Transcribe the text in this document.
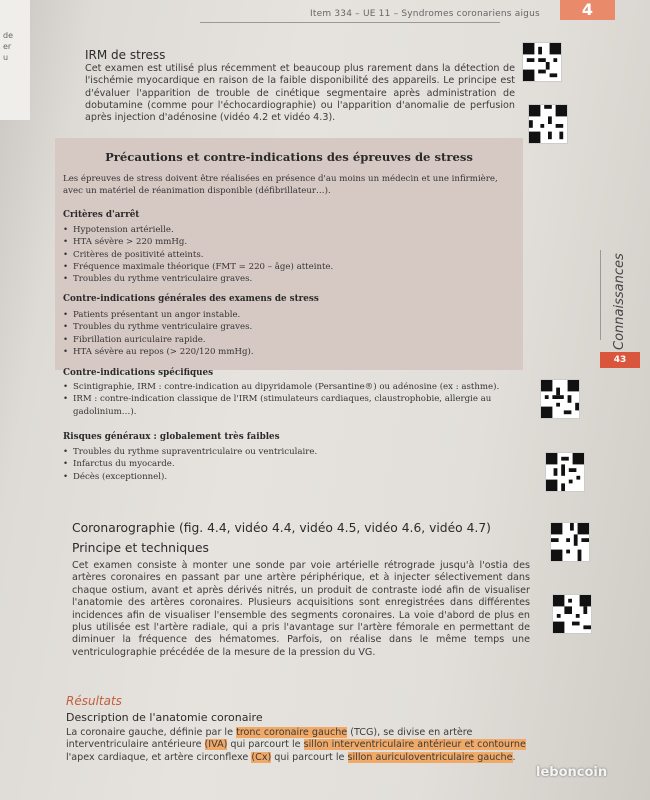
de
er
u
Item 334 – UE 11 – Syndromes coronariens aigus	4
IRM de stress
Cet examen est utilisé plus récemment et beaucoup plus rarement dans la détection de l'ischémie myocardique en raison de la faible disponibilité des appareils. Le principe est d'évaluer l'apparition de trouble de cinétique segmentaire après administration de dobutamine (comme pour l'échocardiographie) ou l'apparition d'anomalie de perfusion après injection d'adénosine (vidéo 4.2 et vidéo 4.3).
Précautions et contre-indications des épreuves de stress
Les épreuves de stress doivent être réalisées en présence d'au moins un médecin et une infirmière, avec un matériel de réanimation disponible (défibrillateur…).
Critères d'arrêt
• Hypotension artérielle.
• HTA sévère > 220 mmHg.
• Critères de positivité atteints.
• Fréquence maximale théorique (FMT = 220 – âge) atteinte.
• Troubles du rythme ventriculaire graves.
Contre-indications générales des examens de stress
• Patients présentant un angor instable.
• Troubles du rythme ventriculaire graves.
• Fibrillation auriculaire rapide.
• HTA sévère au repos (> 220/120 mmHg).
Contre-indications spécifiques
• Scintigraphie, IRM : contre-indication au dipyridamole (Persantine®) ou adénosine (ex : asthme).
• IRM : contre-indication classique de l'IRM (stimulateurs cardiaques, claustrophobie, allergie au gadolinium…).
Risques généraux : globalement très faibles
• Troubles du rythme supraventriculaire ou ventriculaire.
• Infarctus du myocarde.
• Décès (exceptionnel).
Connaissances
43
Coronarographie (fig. 4.4, vidéo 4.4, vidéo 4.5, vidéo 4.6, vidéo 4.7)
Principe et techniques
Cet examen consiste à monter une sonde par voie artérielle rétrograde jusqu'à l'ostia des artères coronaires en passant par une artère périphérique, et à injecter sélectivement dans chaque ostium, avant et après dérivés nitrés, un produit de contraste iodé afin de visualiser l'anatomie des artères coronaires. Plusieurs acquisitions sont enregistrées dans différentes incidences afin de visualiser l'ensemble des segments coronaires. La voie d'abord de plus en plus utilisée est l'artère radiale, qui a pris l'avantage sur l'artère fémorale en permettant de diminuer la fréquence des hématomes. Parfois, on réalise dans le même temps une ventriculographie précédée de la mesure de la pression du VG.
Résultats
Description de l'anatomie coronaire
La coronaire gauche, définie par le tronc coronaire gauche (TCG), se divise en artère interventriculaire antérieure (IVA) qui parcourt le sillon interventriculaire antérieur et contourne l'apex cardiaque, et artère circonflexe (Cx) qui parcourt le sillon auriculoventriculaire gauche.
leboncoin
